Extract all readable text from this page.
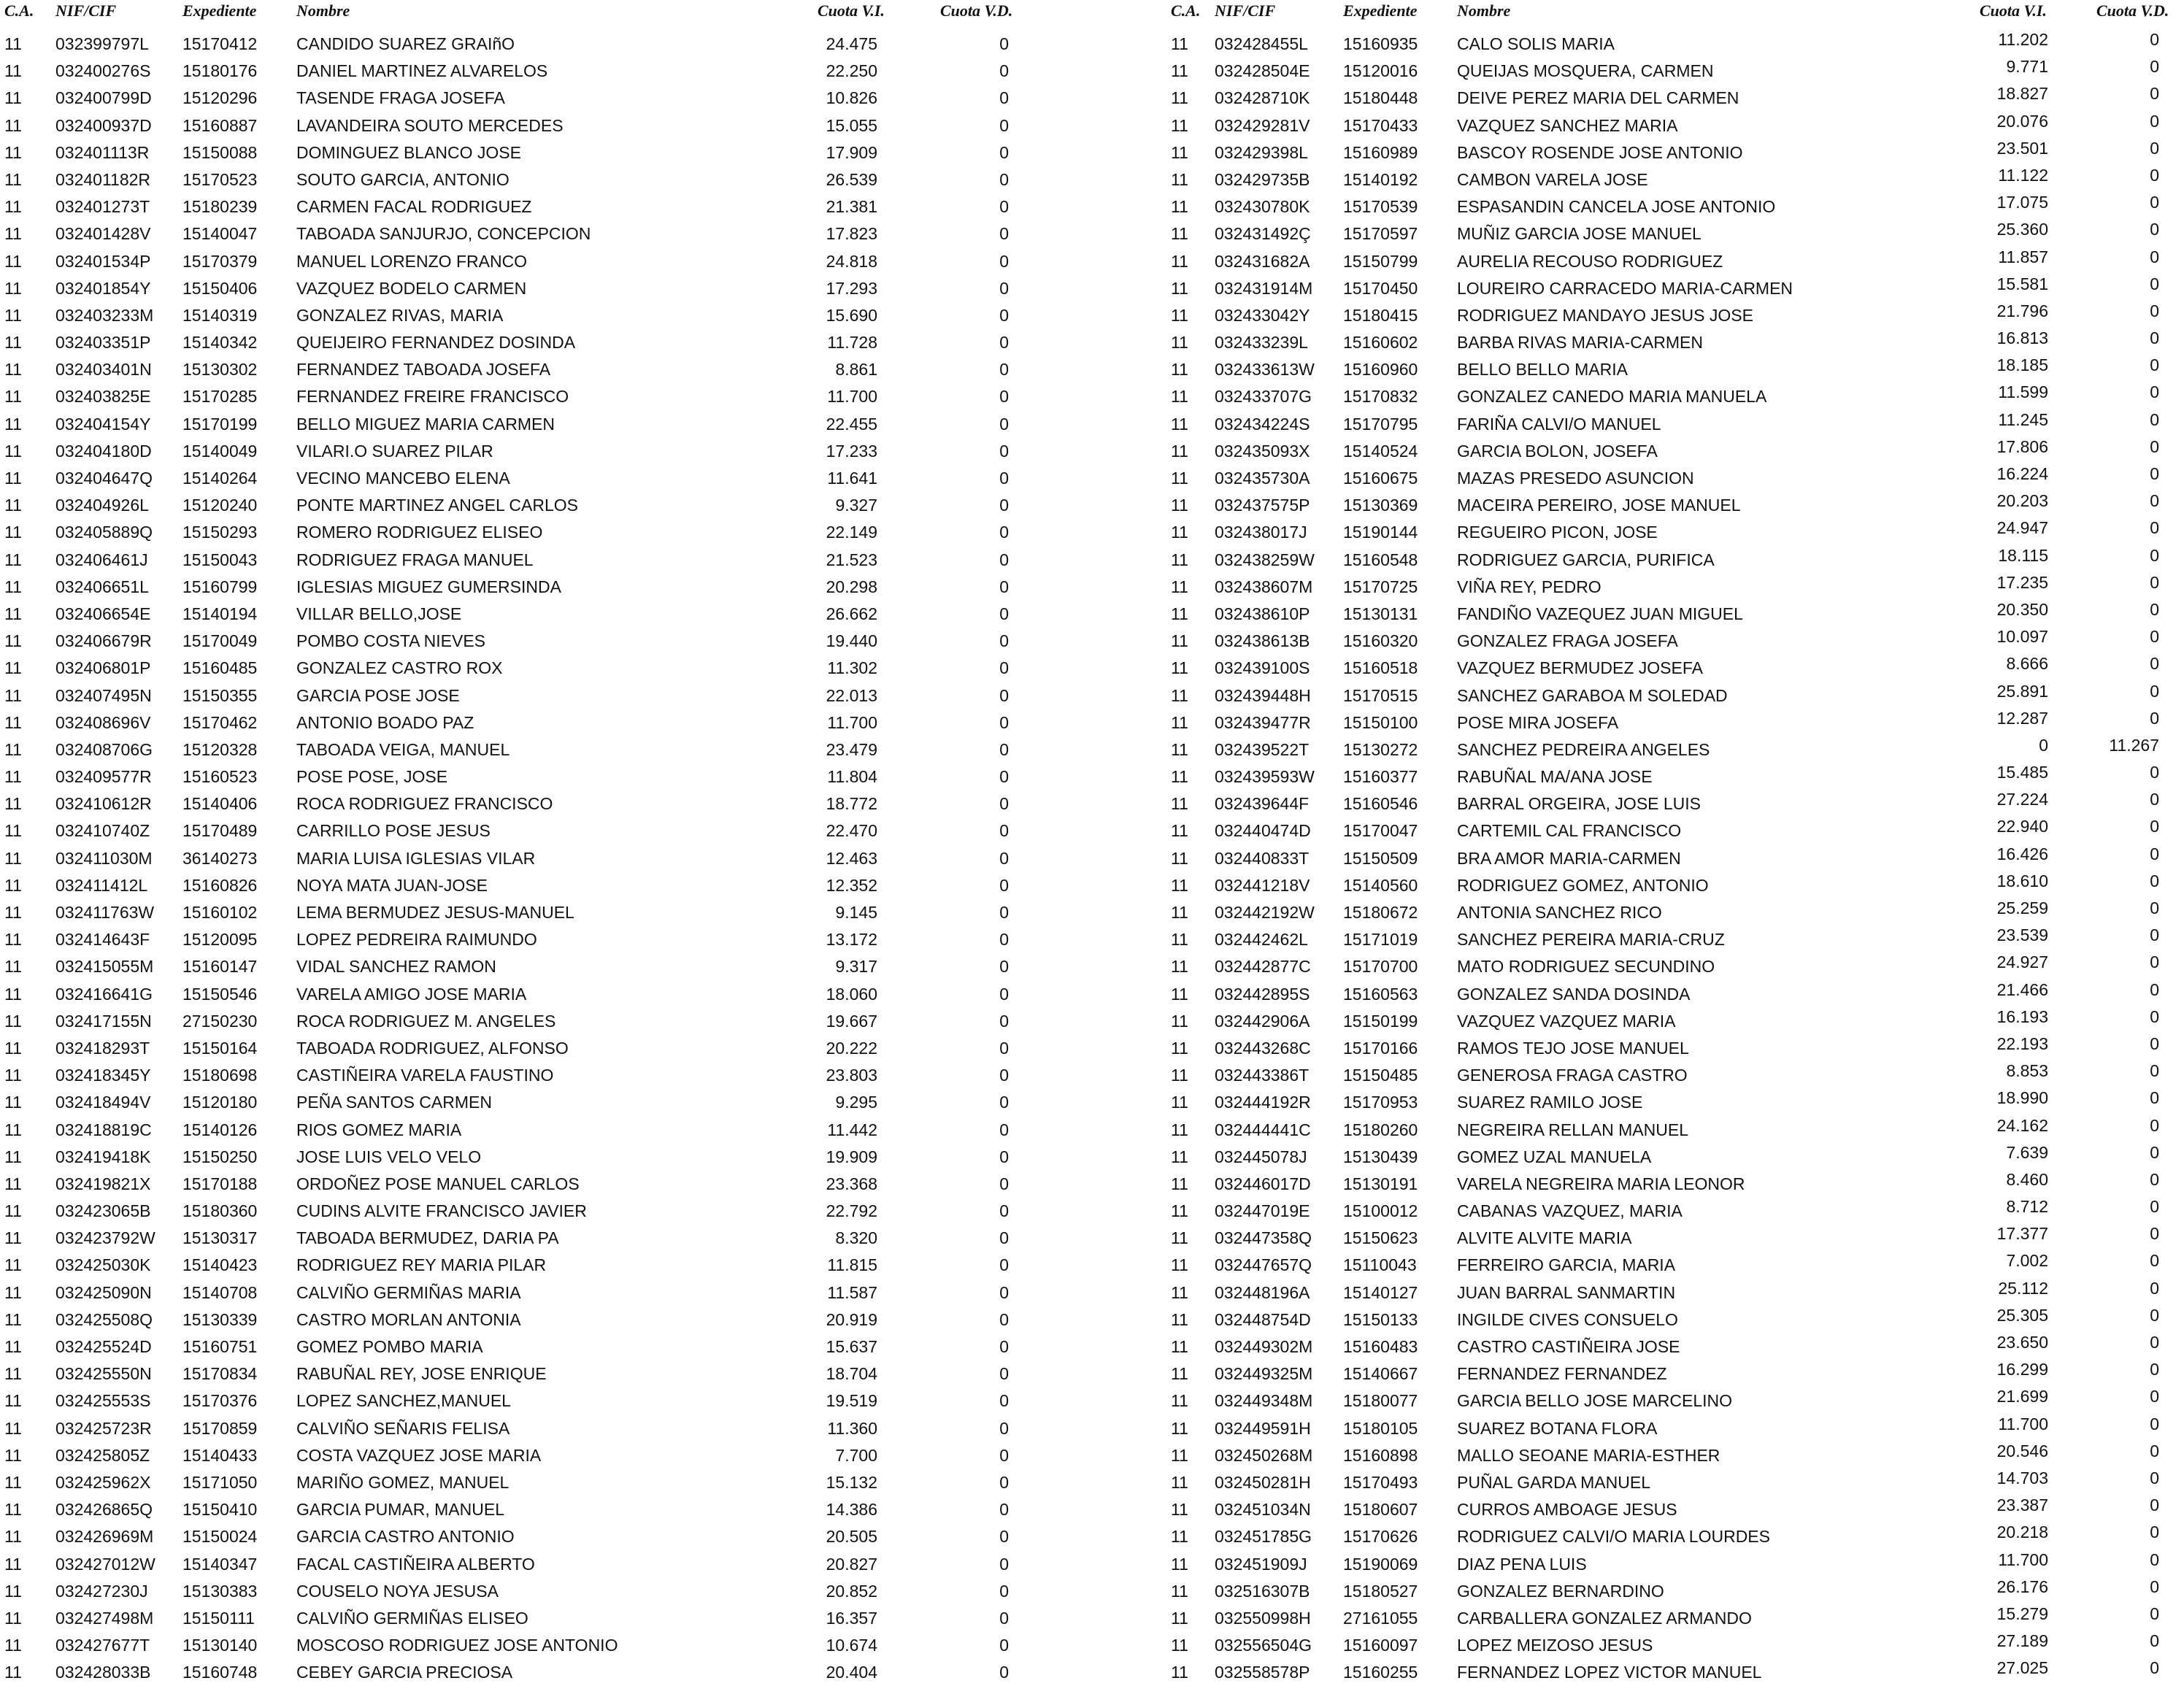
C.A. NIF/CIF	Expediente Nombre	Cuota V.I.	Cuota V.D.
11 032399797L 15170412 CANDIDO SUAREZ GRAIñO	24.475	0
11 032400276S 15180176 DANIEL MARTINEZ ALVARELOS	22.250	0
11 032400799D 15120296 TASENDE FRAGA JOSEFA	10.826	0
11 032400937D 15160887 LAVANDEIRA SOUTO MERCEDES	15.055	0
11 032401113R 15150088 DOMINGUEZ BLANCO JOSE	17.909	0
11 032401182R 15170523 SOUTO GARCIA, ANTONIO	26.539	0
11 032401273T 15180239 CARMEN FACAL RODRIGUEZ	21.381	0
11 032401428V 15140047 TABOADA SANJURJO, CONCEPCION	17.823	0
11 032401534P 15170379 MANUEL LORENZO FRANCO	24.818	0
11 032401854Y 15150406 VAZQUEZ BODELO CARMEN	17.293	0
11 032403233M 15140319 GONZALEZ RIVAS, MARIA	15.690	0
11 032403351P 15140342 QUEIJEIRO FERNANDEZ DOSINDA	11.728	0
11 032403401N 15130302 FERNANDEZ TABOADA JOSEFA	8.861	0
11 032403825E 15170285 FERNANDEZ FREIRE FRANCISCO	11.700	0
11 032404154Y 15170199 BELLO MIGUEZ MARIA CARMEN	22.455	0
11 032404180D 15140049 VILARI.O SUAREZ PILAR	17.233	0
11 032404647Q 15140264 VECINO MANCEBO ELENA	11.641	0
11 032404926L 15120240 PONTE MARTINEZ ANGEL CARLOS	9.327	0
11 032405889Q 15150293 ROMERO RODRIGUEZ ELISEO	22.149	0
11 032406461J 15150043 RODRIGUEZ FRAGA MANUEL	21.523	0
11 032406651L 15160799 IGLESIAS MIGUEZ GUMERSINDA	20.298	0
11 032406654E 15140194 VILLAR BELLO,JOSE	26.662	0
11 032406679R 15170049 POMBO COSTA NIEVES	19.440	0
11 032406801P 15160485 GONZALEZ CASTRO ROX	11.302	0
11 032407495N 15150355 GARCIA POSE JOSE	22.013	0
11 032408696V 15170462 ANTONIO BOADO PAZ	11.700	0
11 032408706G 15120328 TABOADA VEIGA, MANUEL	23.479	0
11 032409577R 15160523 POSE POSE, JOSE	11.804	0
11 032410612R 15140406 ROCA RODRIGUEZ FRANCISCO	18.772	0
11 032410740Z 15170489 CARRILLO POSE JESUS	22.470	0
11 032411030M 36140273 MARIA LUISA IGLESIAS VILAR	12.463	0
11 032411412L 15160826 NOYA MATA JUAN-JOSE	12.352	0
11 032411763W 15160102 LEMA BERMUDEZ JESUS-MANUEL	9.145	0
11 032414643F 15120095 LOPEZ PEDREIRA RAIMUNDO	13.172	0
11 032415055M 15160147 VIDAL SANCHEZ RAMON	9.317	0
11 032416641G 15150546 VARELA AMIGO JOSE MARIA	18.060	0
11 032417155N 27150230 ROCA RODRIGUEZ M. ANGELES	19.667	0
11 032418293T 15150164 TABOADA RODRIGUEZ, ALFONSO	20.222	0
11 032418345Y 15180698 CASTIÑEIRA VARELA FAUSTINO	23.803	0
11 032418494V 15120180 PEÑA SANTOS CARMEN	9.295	0
11 032418819C 15140126 RIOS GOMEZ MARIA	11.442	0
11 032419418K 15150250 JOSE LUIS VELO VELO	19.909	0
11 032419821X 15170188 ORDOÑEZ POSE MANUEL CARLOS	23.368	0
11 032423065B 15180360 CUDINS ALVITE FRANCISCO JAVIER	22.792	0
11 032423792W 15130317 TABOADA BERMUDEZ, DARIA PA	8.320	0
11 032425030K 15140423 RODRIGUEZ REY MARIA PILAR	11.815	0
11 032425090N 15140708 CALVIÑO GERMIÑAS MARIA	11.587	0
11 032425508Q 15130339 CASTRO MORLAN ANTONIA	20.919	0
11 032425524D 15160751 GOMEZ POMBO MARIA	15.637	0
11 032425550N 15170834 RABUÑAL REY, JOSE ENRIQUE	18.704	0
11 032425553S 15170376 LOPEZ SANCHEZ,MANUEL	19.519	0
11 032425723R 15170859 CALVIÑO SEÑARIS FELISA	11.360	0
11 032425805Z 15140433 COSTA VAZQUEZ JOSE MARIA	7.700	0
11 032425962X 15171050 MARIÑO GOMEZ, MANUEL	15.132	0
11 032426865Q 15150410 GARCIA PUMAR, MANUEL	14.386	0
11 032426969M 15150024 GARCIA CASTRO ANTONIO	20.505	0
11 032427012W 15140347 FACAL CASTIÑEIRA ALBERTO	20.827	0
11 032427230J 15130383 COUSELO NOYA JESUSA	20.852	0
11 032427498M 15150111 CALVIÑO GERMIÑAS ELISEO	16.357	0
11 032427677T 15130140 MOSCOSO RODRIGUEZ JOSE ANTONIO	10.674	0
11 032428033B 15160748 CEBEY GARCIA PRECIOSA	20.404	0
C.A. NIF/CIF	Expediente Nombre	Cuota V.I.	Cuota V.D.
11 032428455L 15160935 CALO SOLIS MARIA	11.202	0
11 032428504E 15120016 QUEIJAS MOSQUERA, CARMEN	9.771	0
11 032428710K 15180448 DEIVE PEREZ MARIA DEL CARMEN	18.827	0
11 032429281V 15170433 VAZQUEZ SANCHEZ MARIA	20.076	0
11 032429398L 15160989 BASCOY ROSENDE JOSE ANTONIO	23.501	0
11 032429735B 15140192 CAMBON VARELA JOSE	11.122	0
11 032430780K 15170539 ESPASANDIN CANCELA JOSE ANTONIO	17.075	0
11 032431492Ç 15170597 MUÑIZ GARCIA JOSE MANUEL	25.360	0
11 032431682A 15150799 AURELIA RECOUSO RODRIGUEZ	11.857	0
11 032431914M 15170450 LOUREIRO CARRACEDO MARIA-CARMEN	15.581	0
11 032433042Y 15180415 RODRIGUEZ MANDAYO JESUS JOSE	21.796	0
11 032433239L 15160602 BARBA RIVAS MARIA-CARMEN	16.813	0
11 032433613W 15160960 BELLO BELLO MARIA	18.185	0
11 032433707G 15170832 GONZALEZ CANEDO MARIA MANUELA	11.599	0
11 032434224S 15170795 FARIÑA CALVI/O MANUEL	11.245	0
11 032435093X 15140524 GARCIA BOLON, JOSEFA	17.806	0
11 032435730A 15160675 MAZAS PRESEDO ASUNCION	16.224	0
11 032437575P 15130369 MACEIRA PEREIRO, JOSE MANUEL	20.203	0
11 032438017J 15190144 REGUEIRO PICON, JOSE	24.947	0
11 032438259W 15160548 RODRIGUEZ GARCIA, PURIFICA	18.115	0
11 032438607M 15170725 VIÑA REY, PEDRO	17.235	0
11 032438610P 15130131 FANDIÑO VAZEQUEZ JUAN MIGUEL	20.350	0
11 032438613B 15160320 GONZALEZ FRAGA JOSEFA	10.097	0
11 032439100S 15160518 VAZQUEZ BERMUDEZ JOSEFA	8.666	0
11 032439448H 15170515 SANCHEZ GARABOA M SOLEDAD	25.891	0
11 032439477R 15150100 POSE MIRA JOSEFA	12.287	0
11 032439522T 15130272 SANCHEZ PEDREIRA ANGELES	0	11.267
11 032439593W 15160377 RABUÑAL MA/ANA JOSE	15.485	0
11 032439644F 15160546 BARRAL ORGEIRA, JOSE LUIS	27.224	0
11 032440474D 15170047 CARTEMIL CAL FRANCISCO	22.940	0
11 032440833T 15150509 BRA AMOR MARIA-CARMEN	16.426	0
11 032441218V 15140560 RODRIGUEZ GOMEZ, ANTONIO	18.610	0
11 032442192W 15180672 ANTONIA SANCHEZ RICO	25.259	0
11 032442462L 15171019 SANCHEZ PEREIRA MARIA-CRUZ	23.539	0
11 032442877C 15170700 MATO RODRIGUEZ SECUNDINO	24.927	0
11 032442895S 15160563 GONZALEZ SANDA DOSINDA	21.466	0
11 032442906A 15150199 VAZQUEZ VAZQUEZ MARIA	16.193	0
11 032443268C 15170166 RAMOS TEJO JOSE MANUEL	22.193	0
11 032443386T 15150485 GENEROSA FRAGA CASTRO	8.853	0
11 032444192R 15170953 SUAREZ RAMILO JOSE	18.990	0
11 032444441C 15180260 NEGREIRA RELLAN MANUEL	24.162	0
11 032445078J 15130439 GOMEZ UZAL MANUELA	7.639	0
11 032446017D 15130191 VARELA NEGREIRA MARIA LEONOR	8.460	0
11 032447019E 15100012 CABANAS VAZQUEZ, MARIA	8.712	0
11 032447358Q 15150623 ALVITE ALVITE MARIA	17.377	0
11 032447657Q 15110043 FERREIRO GARCIA, MARIA	7.002	0
11 032448196A 15140127 JUAN BARRAL SANMARTIN	25.112	0
11 032448754D 15150133 INGILDE CIVES CONSUELO	25.305	0
11 032449302M 15160483 CASTRO CASTIÑEIRA JOSE	23.650	0
11 032449325M 15140667 FERNANDEZ FERNANDEZ	16.299	0
11 032449348M 15180077 GARCIA BELLO JOSE MARCELINO	21.699	0
11 032449591H 15180105 SUAREZ BOTANA FLORA	11.700	0
11 032450268M 15160898 MALLO SEOANE MARIA-ESTHER	20.546	0
11 032450281H 15170493 PUÑAL GARDA MANUEL	14.703	0
11 032451034N 15180607 CURROS AMBOAGE JESUS	23.387	0
11 032451785G 15170626 RODRIGUEZ CALVI/O MARIA LOURDES	20.218	0
11 032451909J 15190069 DIAZ PENA LUIS	11.700	0
11 032516307B 15180527 GONZALEZ BERNARDINO	26.176	0
11 032550998H 27161055 CARBALLERA GONZALEZ ARMANDO	15.279	0
11 032556504G 15160097 LOPEZ MEIZOSO JESUS	27.189	0
11 032558578P 15160255 FERNANDEZ LOPEZ VICTOR MANUEL	27.025	0
